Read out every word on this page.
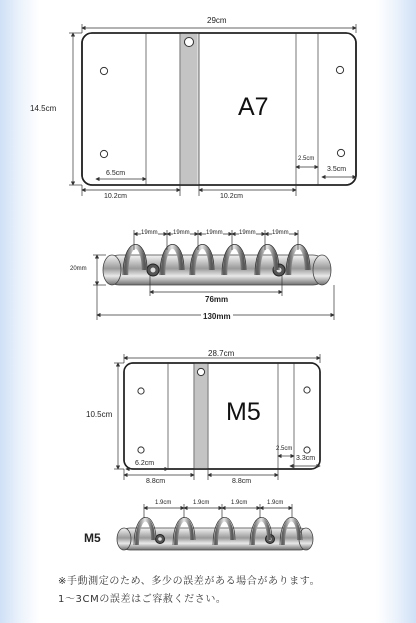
29cm
14.5cm	A7
6.5cm
10.2cm	10.2cm
2.5cm
3.5cm
19mm	19mm	19mm	19mm	19mm
20mm
76mm
130mm
28.7cm
10.5cm	M5
6.2cm
8.8cm	8.8cm
2.5cm
3.3cm
M5
1.9cm	1.9cm	1.9cm	1.9cm
※手動測定のため、多少の誤差がある場合があります。
1〜3CMの誤差はご容赦ください。
